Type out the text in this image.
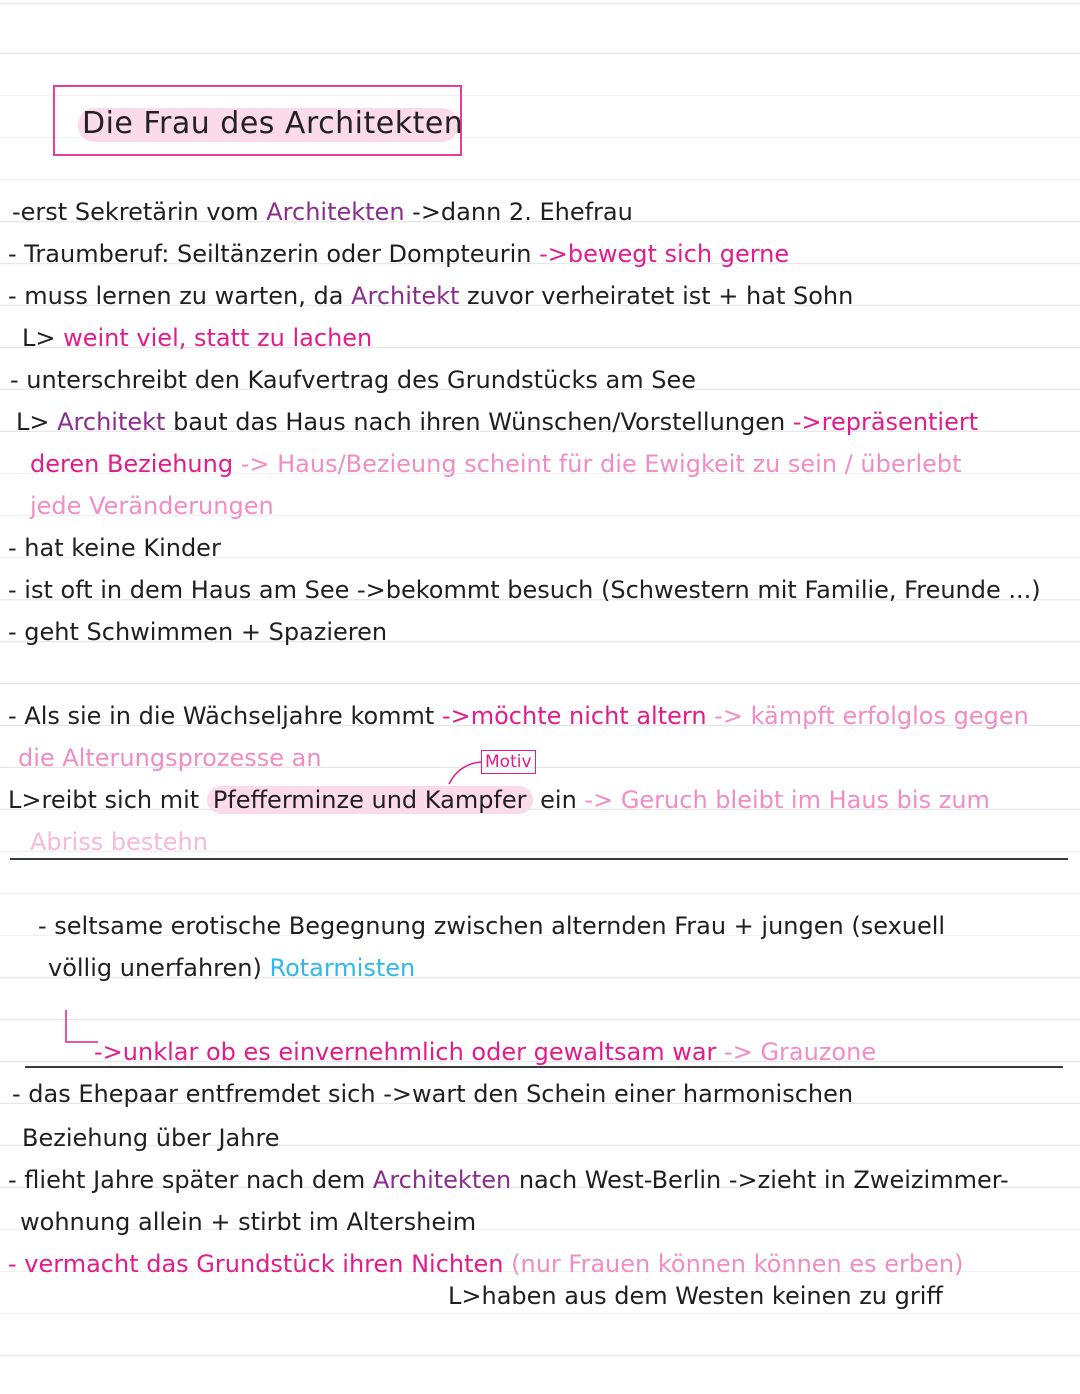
Die Frau des Architekten
-erst Sekretärin vom Architekten ->dann 2. Ehefrau
- Traumberuf: Seiltänzerin oder Dompteurin ->bewegt sich gerne
- muss lernen zu warten, da Architekt zuvor verheiratet ist + hat Sohn
L> weint viel, statt zu lachen
- unterschreibt den Kaufvertrag des Grundstücks am See
L> Architekt baut das Haus nach ihren Wünschen/Vorstellungen ->repräsentiert
deren Beziehung -> Haus/Bezieung scheint für die Ewigkeit zu sein / überlebt
jede Veränderungen
- hat keine Kinder
- ist oft in dem Haus am See ->bekommt besuch (Schwestern mit Familie, Freunde ...)
- geht Schwimmen + Spazieren
- Als sie in die Wächseljahre kommt ->möchte nicht altern -> kämpft erfolglos gegen
die Alterungsprozesse an	Motiv
L>reibt sich mit Pfefferminze und Kampfer ein -> Geruch bleibt im Haus bis zum
Abriss bestehn
- seltsame erotische Begegnung zwischen alternden Frau + jungen (sexuell
völlig unerfahren) Rotarmisten
->unklar ob es einvernehmlich oder gewaltsam war -> Grauzone
- das Ehepaar entfremdet sich ->wart den Schein einer harmonischen
Beziehung über Jahre
- flieht Jahre später nach dem Architekten nach West-Berlin ->zieht in Zweizimmer-
wohnung allein + stirbt im Altersheim
- vermacht das Grundstück ihren Nichten (nur Frauen können können es erben)
L>haben aus dem Westen keinen zu griff
